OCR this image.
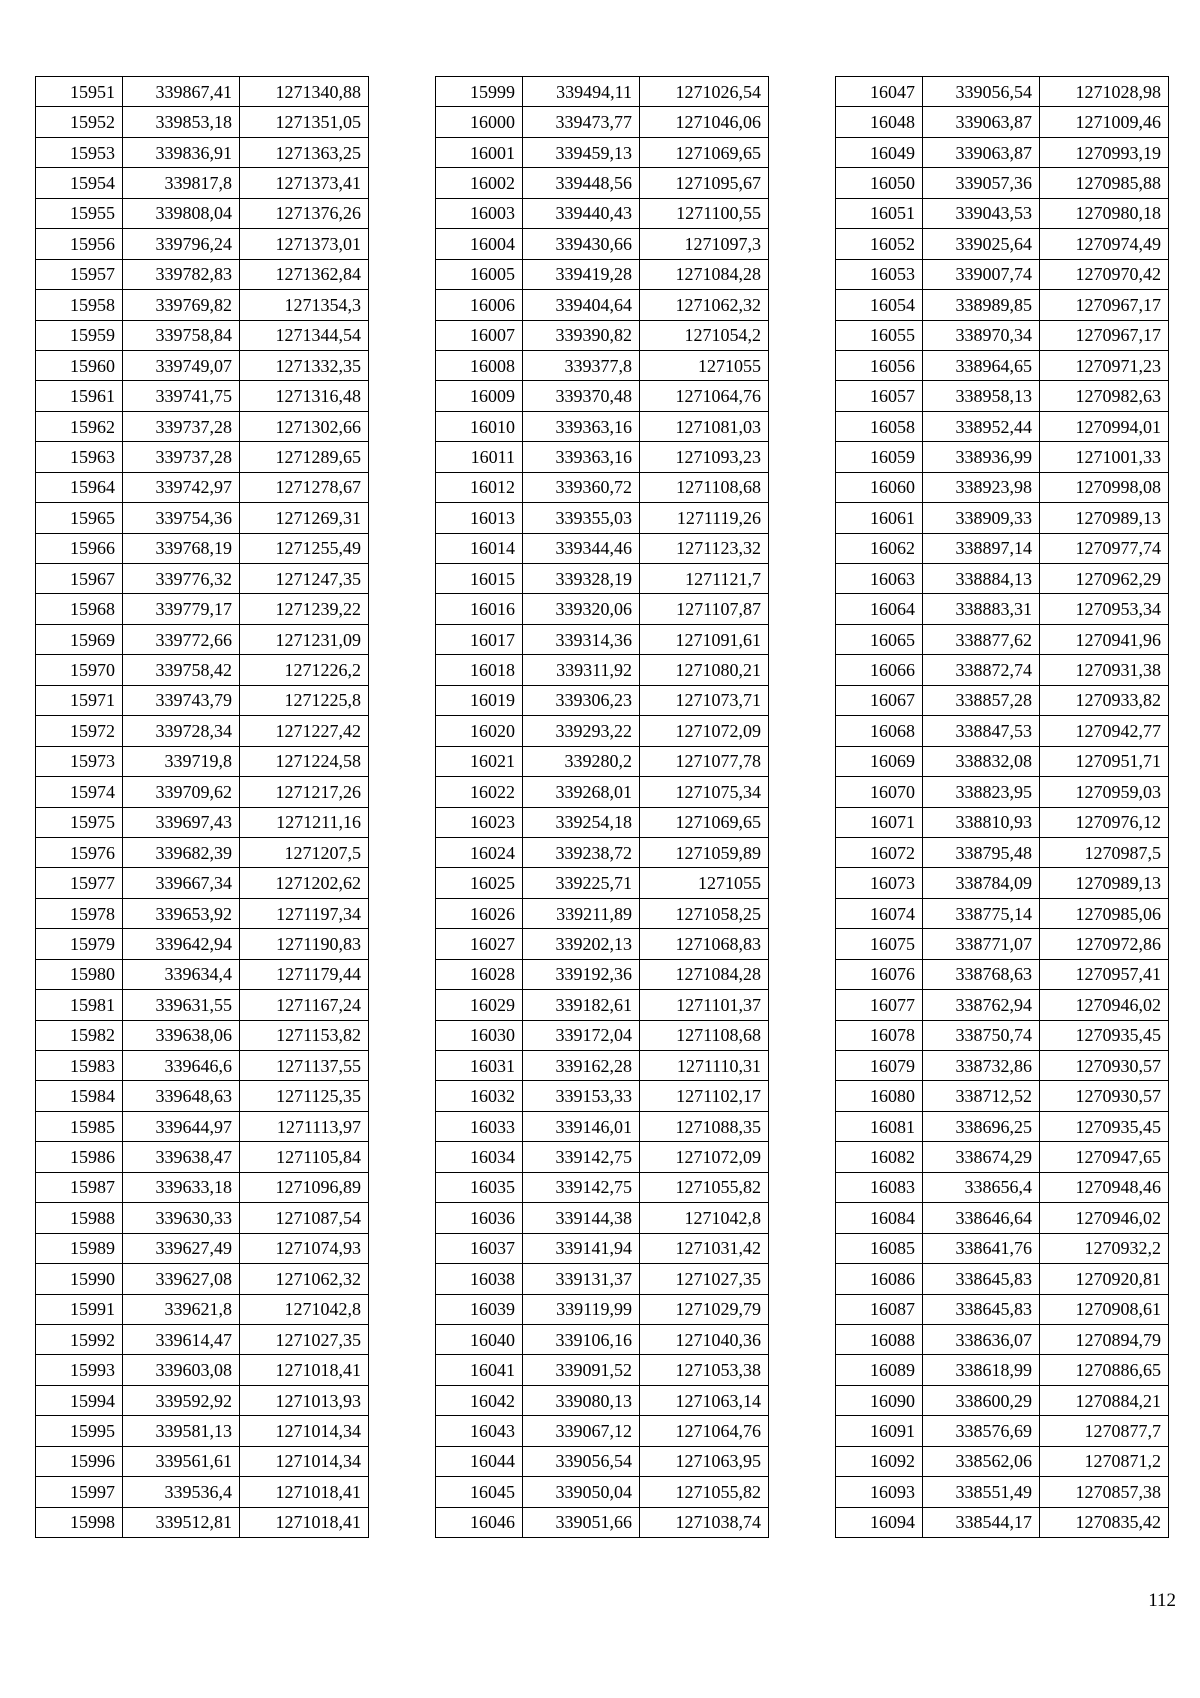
15951	339867,41	1271340,88
15952	339853,18	1271351,05
15953	339836,91	1271363,25
15954	339817,8	1271373,41
15955	339808,04	1271376,26
15956	339796,24	1271373,01
15957	339782,83	1271362,84
15958	339769,82	1271354,3
15959	339758,84	1271344,54
15960	339749,07	1271332,35
15961	339741,75	1271316,48
15962	339737,28	1271302,66
15963	339737,28	1271289,65
15964	339742,97	1271278,67
15965	339754,36	1271269,31
15966	339768,19	1271255,49
15967	339776,32	1271247,35
15968	339779,17	1271239,22
15969	339772,66	1271231,09
15970	339758,42	1271226,2
15971	339743,79	1271225,8
15972	339728,34	1271227,42
15973	339719,8	1271224,58
15974	339709,62	1271217,26
15975	339697,43	1271211,16
15976	339682,39	1271207,5
15977	339667,34	1271202,62
15978	339653,92	1271197,34
15979	339642,94	1271190,83
15980	339634,4	1271179,44
15981	339631,55	1271167,24
15982	339638,06	1271153,82
15983	339646,6	1271137,55
15984	339648,63	1271125,35
15985	339644,97	1271113,97
15986	339638,47	1271105,84
15987	339633,18	1271096,89
15988	339630,33	1271087,54
15989	339627,49	1271074,93
15990	339627,08	1271062,32
15991	339621,8	1271042,8
15992	339614,47	1271027,35
15993	339603,08	1271018,41
15994	339592,92	1271013,93
15995	339581,13	1271014,34
15996	339561,61	1271014,34
15997	339536,4	1271018,41
15998	339512,81	1271018,41
15999	339494,11	1271026,54
16000	339473,77	1271046,06
16001	339459,13	1271069,65
16002	339448,56	1271095,67
16003	339440,43	1271100,55
16004	339430,66	1271097,3
16005	339419,28	1271084,28
16006	339404,64	1271062,32
16007	339390,82	1271054,2
16008	339377,8	1271055
16009	339370,48	1271064,76
16010	339363,16	1271081,03
16011	339363,16	1271093,23
16012	339360,72	1271108,68
16013	339355,03	1271119,26
16014	339344,46	1271123,32
16015	339328,19	1271121,7
16016	339320,06	1271107,87
16017	339314,36	1271091,61
16018	339311,92	1271080,21
16019	339306,23	1271073,71
16020	339293,22	1271072,09
16021	339280,2	1271077,78
16022	339268,01	1271075,34
16023	339254,18	1271069,65
16024	339238,72	1271059,89
16025	339225,71	1271055
16026	339211,89	1271058,25
16027	339202,13	1271068,83
16028	339192,36	1271084,28
16029	339182,61	1271101,37
16030	339172,04	1271108,68
16031	339162,28	1271110,31
16032	339153,33	1271102,17
16033	339146,01	1271088,35
16034	339142,75	1271072,09
16035	339142,75	1271055,82
16036	339144,38	1271042,8
16037	339141,94	1271031,42
16038	339131,37	1271027,35
16039	339119,99	1271029,79
16040	339106,16	1271040,36
16041	339091,52	1271053,38
16042	339080,13	1271063,14
16043	339067,12	1271064,76
16044	339056,54	1271063,95
16045	339050,04	1271055,82
16046	339051,66	1271038,74
16047	339056,54	1271028,98
16048	339063,87	1271009,46
16049	339063,87	1270993,19
16050	339057,36	1270985,88
16051	339043,53	1270980,18
16052	339025,64	1270974,49
16053	339007,74	1270970,42
16054	338989,85	1270967,17
16055	338970,34	1270967,17
16056	338964,65	1270971,23
16057	338958,13	1270982,63
16058	338952,44	1270994,01
16059	338936,99	1271001,33
16060	338923,98	1270998,08
16061	338909,33	1270989,13
16062	338897,14	1270977,74
16063	338884,13	1270962,29
16064	338883,31	1270953,34
16065	338877,62	1270941,96
16066	338872,74	1270931,38
16067	338857,28	1270933,82
16068	338847,53	1270942,77
16069	338832,08	1270951,71
16070	338823,95	1270959,03
16071	338810,93	1270976,12
16072	338795,48	1270987,5
16073	338784,09	1270989,13
16074	338775,14	1270985,06
16075	338771,07	1270972,86
16076	338768,63	1270957,41
16077	338762,94	1270946,02
16078	338750,74	1270935,45
16079	338732,86	1270930,57
16080	338712,52	1270930,57
16081	338696,25	1270935,45
16082	338674,29	1270947,65
16083	338656,4	1270948,46
16084	338646,64	1270946,02
16085	338641,76	1270932,2
16086	338645,83	1270920,81
16087	338645,83	1270908,61
16088	338636,07	1270894,79
16089	338618,99	1270886,65
16090	338600,29	1270884,21
16091	338576,69	1270877,7
16092	338562,06	1270871,2
16093	338551,49	1270857,38
16094	338544,17	1270835,42
112
